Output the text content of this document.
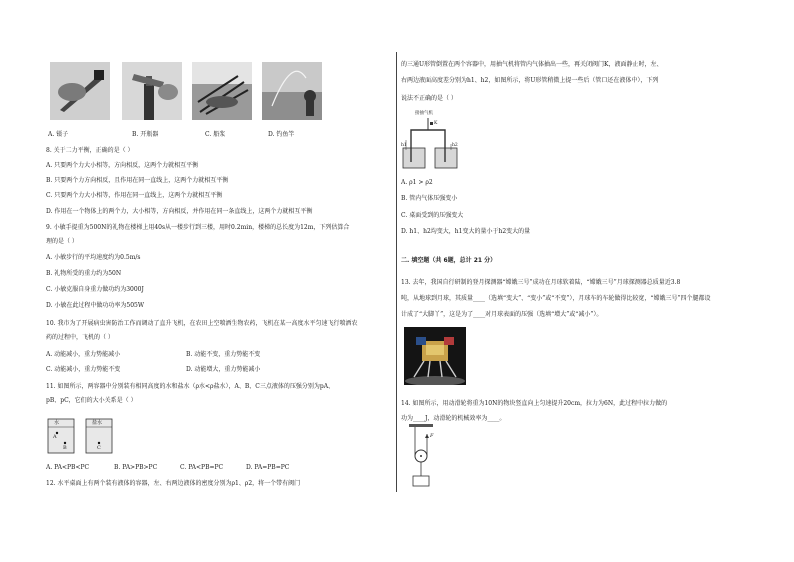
A. 镊子	B. 开瓶器	C. 船浆	D. 钓鱼竿
8. 关于二力平衡，正确的是（ ）
A. 只要两个力大小相等，方向相反，这两个力就相互平衡
B. 只要两个力方向相反，且作用在同一直线上，这两个力就相互平衡
C. 只要两个力大小相等，作用在同一直线上，这两个力就相互平衡
D. 作用在一个物体上的两个力，大小相等，方向相反，并作用在同一条直线上，这两个力就相互平衡
9. 小敏手提重为500N的礼物在楼梯上用40s从一楼步行到三楼，用时0.2min，楼梯的总长度为12m，下列估算合
理的是（ ）
A. 小敏步行的平均速度约为0.5m/s
B. 礼物所受的重力约为50N
C. 小敏克服自身重力做功约为3000J
D. 小敏在此过程中做功功率为505W
10. 我市为了开展病虫害防治工作而调动了直升飞机，在农田上空喷洒生物农药，飞机在某一高度水平匀速飞行喷洒农
药的过程中，飞机的（ ）
A. 动能减小，重力势能减小	B. 动能不变，重力势能不变
C. 动能减小，重力势能不变	D. 动能增大，重力势能减小
11. 如图所示，两容器中分别装有相同高度的水和盐水（ρ水<ρ盐水），A、B、C三点液体的压强分别为pA、
pB、pC，它们的大小关系是（ ）
水	盐水
A
B	C
A. PA<PB<PC	B. PA>PB>PC	C. PA<PB=PC	D. PA=PB=PC
12. 水平桌面上有两个装有液体的容器，左、右两边液体的密度分别为ρ1、ρ2，将一个带有阀门
的三通U形管倒置在两个容器中，用抽气机将管内气体抽出一些，再关闭阀门K，液面静止时，左、
右两边液面高度差分别为h1、h2，如图所示，将U形管稍微上提一些后（管口还在液体中），下列
说法不正确的是（ ）
接抽气机
K
h1	h2
A. ρ1 > ρ2
B. 管内气体压强变小
C. 桌面受到的压强变大
D. h1、h2均变大，h1变大的量小于h2变大的量
二. 填空题（共 6题，总计 21 分）
13. 去年，我国自行研制的登月探测器“嫦娥三号”成功在月球软着陆，“嫦娥三号”月球探测器总质量近3.8
吨，从地球到月球，其质量____（选填“变大”、“变小”或“不变”），月球车的车轮做得比较宽，“嫦娥三号”四个腿都设
计成了“大脚丫”，这是为了____对月球表面的压强（选填“增大”或“减小”）。
14. 如图所示，用动滑轮将重为10N的物块竖直向上匀速提升20cm，拉力为6N，此过程中拉力做的
功为____J，动滑轮的机械效率为____。
F
